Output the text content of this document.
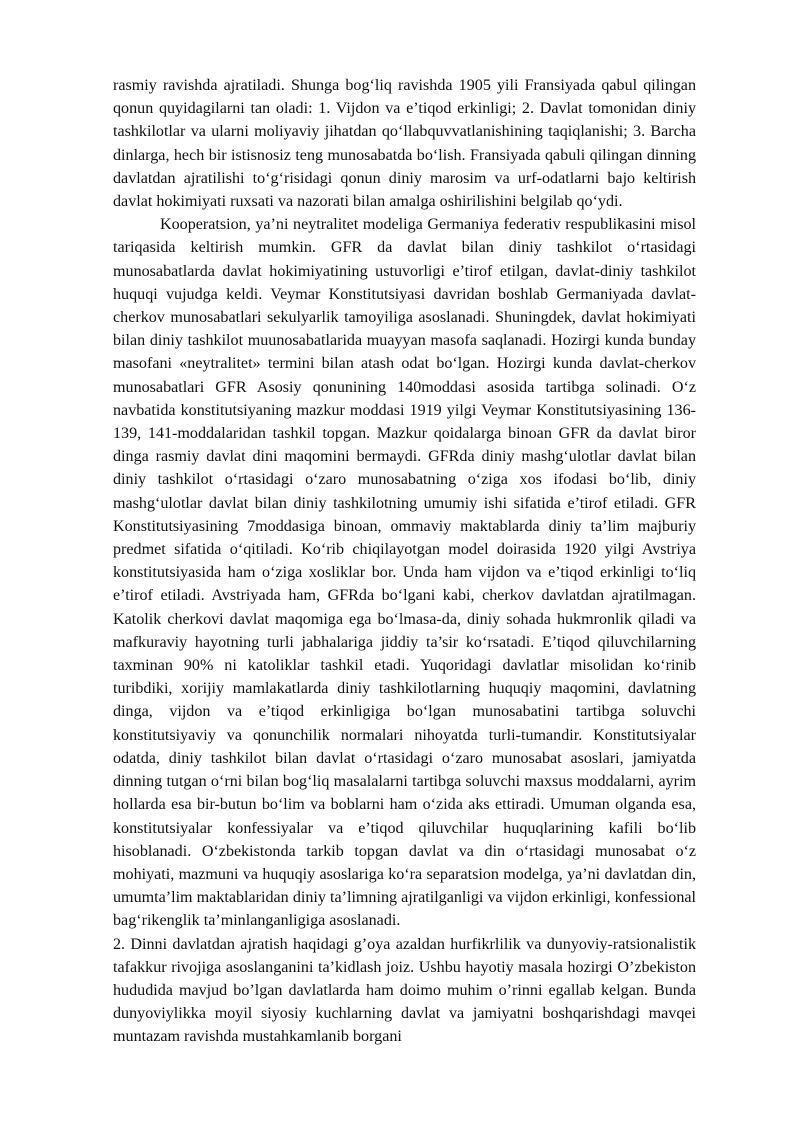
rasmiy ravishda ajratiladi. Shunga bog‘liq ravishda 1905 yili Fransiyada qabul qilingan qonun quyidagilarni tan oladi: 1. Vijdon va e’tiqod erkinligi; 2. Davlat tomonidan diniy tashkilotlar va ularni moliyaviy jihatdan qo‘llabquvvatlanishining taqiqlanishi; 3. Barcha dinlarga, hech bir istisnosiz teng munosabatda bo‘lish. Fransiyada qabuli qilingan dinning davlatdan ajratilishi to‘g‘risidagi qonun diniy marosim va urf-odatlarni bajo keltirish davlat hokimiyati ruxsati va nazorati bilan amalga oshirilishini belgilab qo‘ydi.

Kooperatsion, ya’ni neytralitet modeliga Germaniya federativ respublikasini misol tariqasida keltirish mumkin. GFR da davlat bilan diniy tashkilot o‘rtasidagi munosabatlarda davlat hokimiyatining ustuvorligi e’tirof etilgan, davlat-diniy tashkilot huquqi vujudga keldi. Veymar Konstitutsiyasi davridan boshlab Germaniyada davlat-cherkov munosabatlari sekulyarlik tamoyiliga asoslanadi. Shuningdek, davlat hokimiyati bilan diniy tashkilot muunosabatlarida muayyan masofa saqlanadi. Hozirgi kunda bunday masofani «neytralitet» termini bilan atash odat bo‘lgan. Hozirgi kunda davlat-cherkov munosabatlari GFR Asosiy qonunining 140moddasi asosida tartibga solinadi. O‘z navbatida konstitutsiyaning mazkur moddasi 1919 yilgi Veymar Konstitutsiyasining 136-139, 141-moddalaridan tashkil topgan. Mazkur qoidalarga binoan GFR da davlat biror dinga rasmiy davlat dini maqomini bermaydi. GFRda diniy mashg‘ulotlar davlat bilan diniy tashkilot o‘rtasidagi o‘zaro munosabatning o‘ziga xos ifodasi bo‘lib, diniy mashg‘ulotlar davlat bilan diniy tashkilotning umumiy ishi sifatida e’tirof etiladi. GFR Konstitutsiyasining 7moddasiga binoan, ommaviy maktablarda diniy ta’lim majburiy predmet sifatida o‘qitiladi. Ko‘rib chiqilayotgan model doirasida 1920 yilgi Avstriya konstitutsiyasida ham o‘ziga xosliklar bor. Unda ham vijdon va e’tiqod erkinligi to‘liq e’tirof etiladi. Avstriyada ham, GFRda bo‘lgani kabi, cherkov davlatdan ajratilmagan. Katolik cherkovi davlat maqomiga ega bo‘lmasa-da, diniy sohada hukmronlik qiladi va mafkuraviy hayotning turli jabhalariga jiddiy ta’sir ko‘rsatadi. E’tiqod qiluvchilarning taxminan 90% ni katoliklar tashkil etadi. Yuqoridagi davlatlar misolidan ko‘rinib turibdiki, xorijiy mamlakatlarda diniy tashkilotlarning huquqiy maqomini, davlatning dinga, vijdon va e’tiqod erkinligiga bo‘lgan munosabatini tartibga soluvchi konstitutsiyaviy va qonunchilik normalari nihoyatda turli-tumandir. Konstitutsiyalar odatda, diniy tashkilot bilan davlat o‘rtasidagi o‘zaro munosabat asoslari, jamiyatda dinning tutgan o‘rni bilan bog‘liq masalalarni tartibga soluvchi maxsus moddalarni, ayrim hollarda esa bir-butun bo‘lim va boblarni ham o‘zida aks ettiradi. Umuman olganda esa, konstitutsiyalar konfessiyalar va e’tiqod qiluvchilar huquqlarining kafili bo‘lib hisoblanadi. O‘zbekistonda tarkib topgan davlat va din o‘rtasidagi munosabat o‘z mohiyati, mazmuni va huquqiy asoslariga ko‘ra separatsion modelga, ya’ni davlatdan din, umumta’lim maktablaridan diniy ta’limning ajratilganligi va vijdon erkinligi, konfessional bag‘rikenglik ta’minlanganligiga asoslanadi.

2. Dinni davlatdan ajratish haqidagi g’oya azaldan hurfikrlilik va dunyoviy-ratsionalistik tafakkur rivojiga asoslanganini ta’kidlash joiz. Ushbu hayotiy masala hozirgi O’zbekiston hududida mavjud bo’lgan davlatlarda ham doimo muhim o’rinni egallab kelgan. Bunda dunyoviylikka moyil siyosiy kuchlarning davlat va jamiyatni boshqarishdagi mavqei muntazam ravishda mustahkamlanib borgani
